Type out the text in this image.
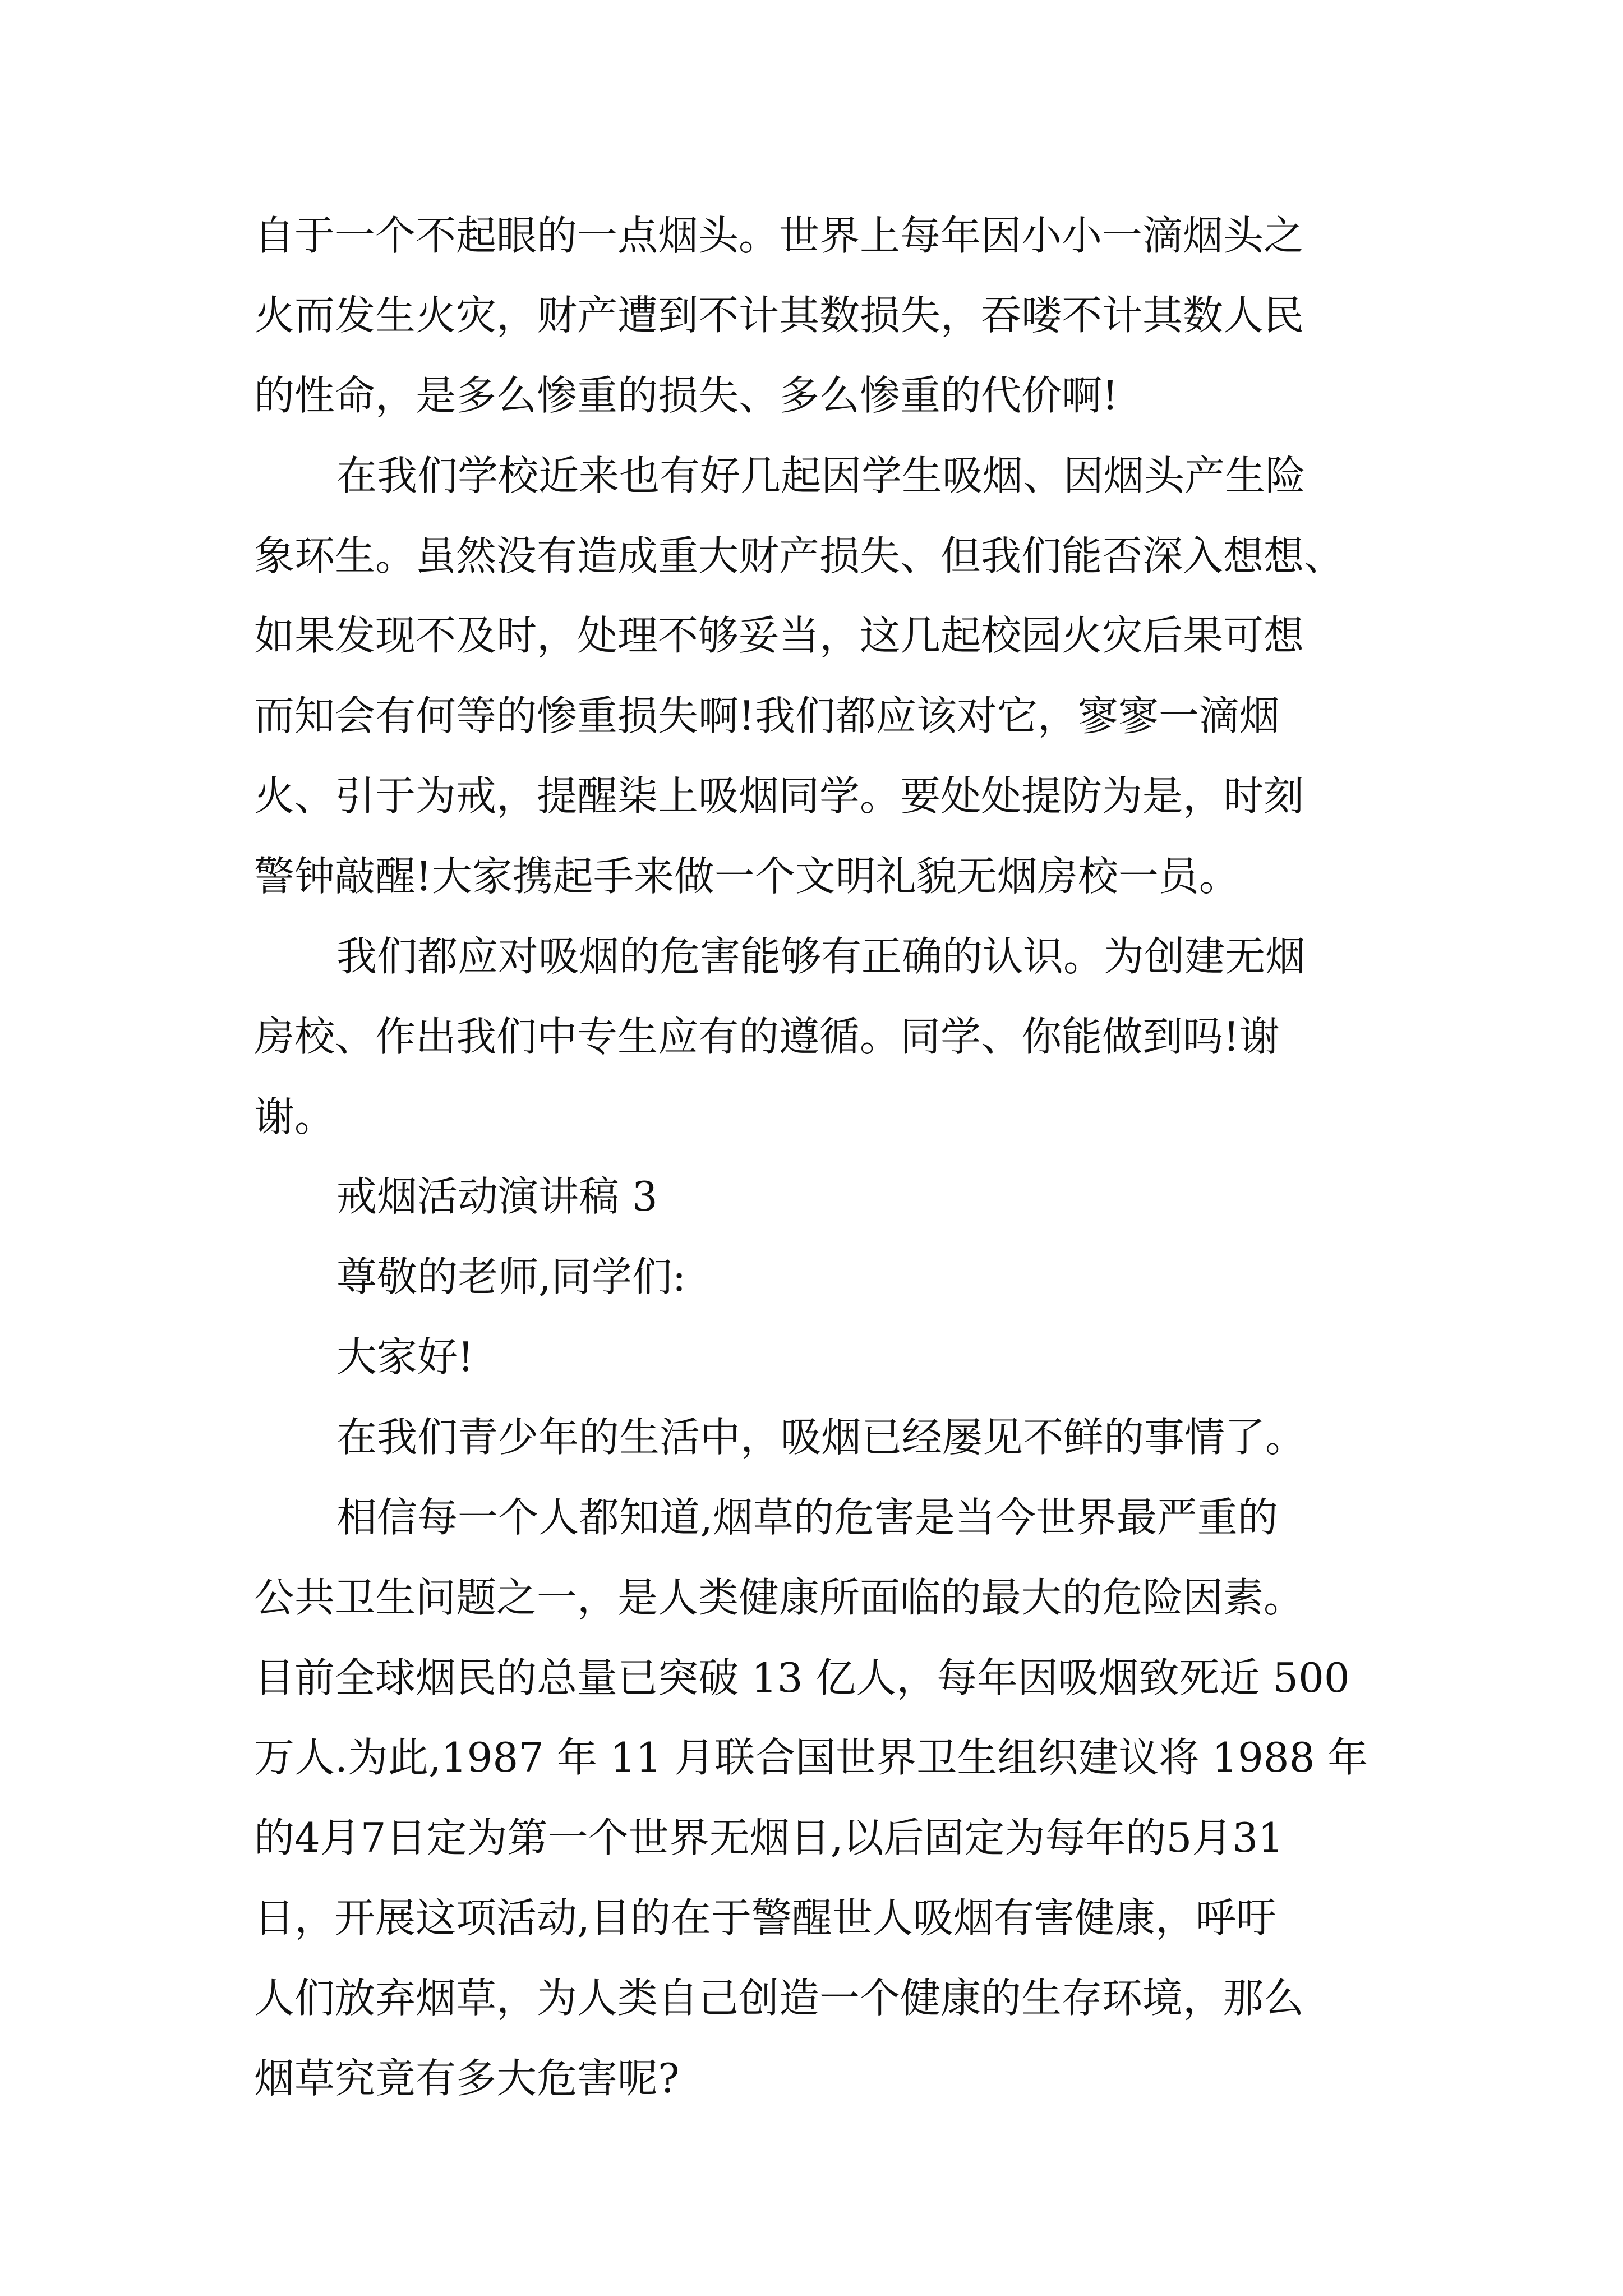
自于一个不起眼的一点烟头。世界上每年因小小一滴烟头之
火而发生火灾，财产遭到不计其数损失，吞喽不计其数人民
的性命，是多么惨重的损失、多么惨重的代价啊!
在我们学校近来也有好几起因学生吸烟、因烟头产生险
象环生。虽然没有造成重大财产损失、但我们能否深入想想、
如果发现不及时，处理不够妥当，这几起校园火灾后果可想
而知会有何等的惨重损失啊!我们都应该对它，寥寥一滴烟
火、引于为戒，提醒柒上吸烟同学。要处处提防为是，时刻
警钟敲醒!大家携起手来做一个文明礼貌无烟房校一员。
我们都应对吸烟的危害能够有正确的认识。为创建无烟
房校、作出我们中专生应有的遵循。同学、你能做到吗!谢
谢。
戒烟活动演讲稿 3
尊敬的老师,同学们:
大家好!
在我们青少年的生活中，吸烟已经屡见不鲜的事情了。
相信每一个人都知道,烟草的危害是当今世界最严重的
公共卫生问题之一，是人类健康所面临的最大的危险因素。
目前全球烟民的总量已突破 13 亿人，每年因吸烟致死近 500
万人.为此,1987 年 11 月联合国世界卫生组织建议将 1988 年
的4月7日定为第一个世界无烟日,以后固定为每年的5月31
日，开展这项活动,目的在于警醒世人吸烟有害健康，呼吁
人们放弃烟草，为人类自己创造一个健康的生存环境，那么
烟草究竟有多大危害呢?
